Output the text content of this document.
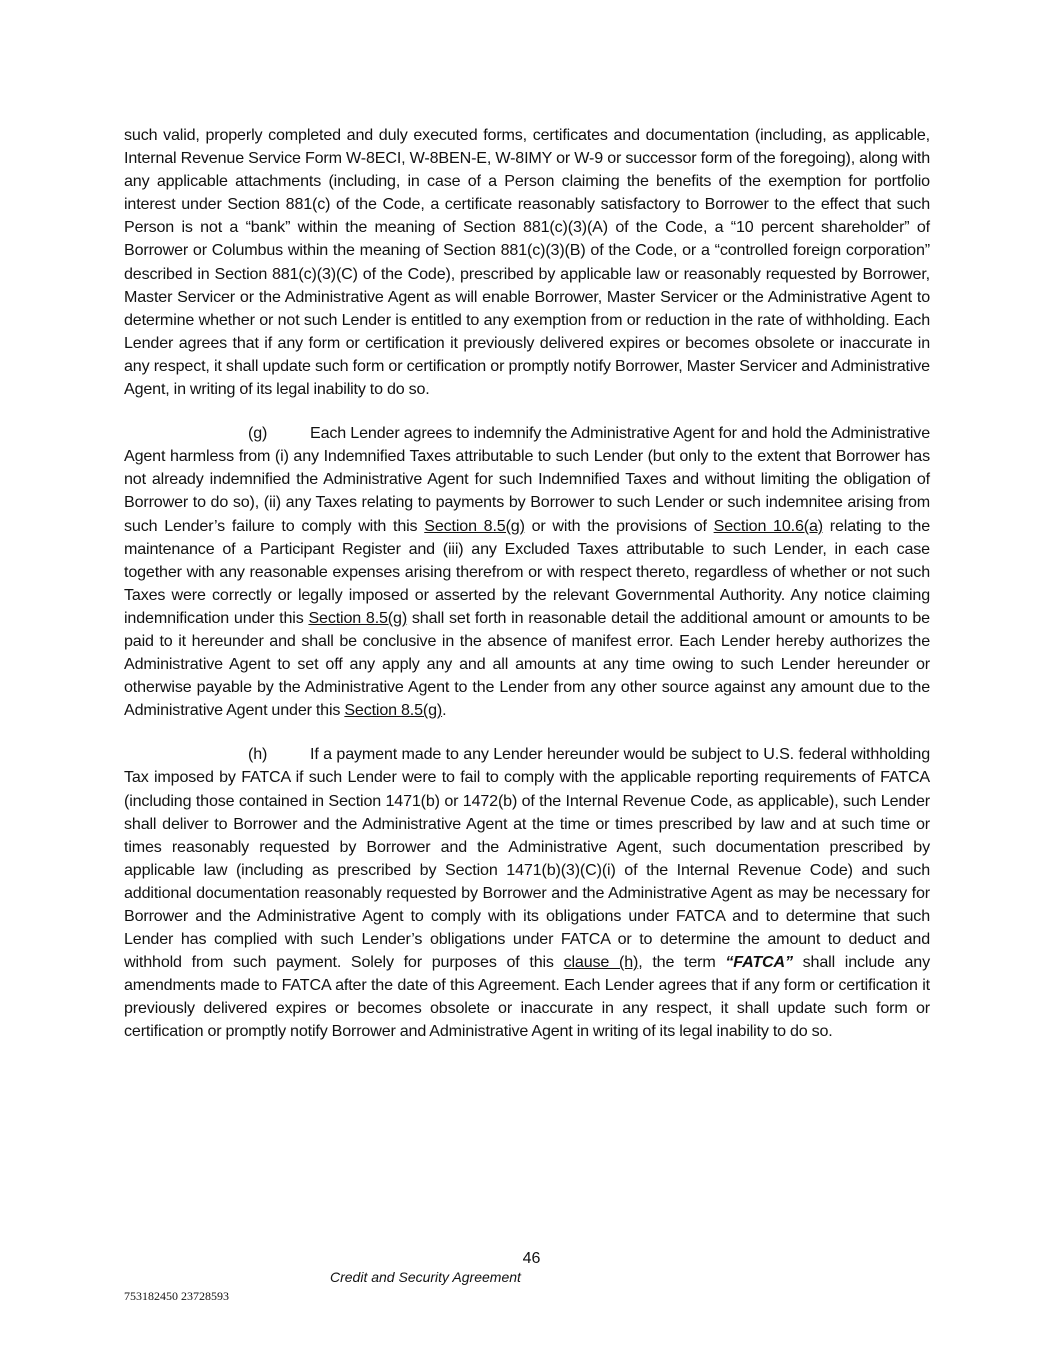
such valid, properly completed and duly executed forms, certificates and documentation (including, as applicable, Internal Revenue Service Form W-8ECI, W-8BEN-E, W-8IMY or W-9 or successor form of the foregoing), along with any applicable attachments (including, in case of a Person claiming the benefits of the exemption for portfolio interest under Section 881(c) of the Code, a certificate reasonably satisfactory to Borrower to the effect that such Person is not a “bank” within the meaning of Section 881(c)(3)(A) of the Code, a “10 percent shareholder” of Borrower or Columbus within the meaning of Section 881(c)(3)(B) of the Code, or a “controlled foreign corporation” described in Section 881(c)(3)(C) of the Code), prescribed by applicable law or reasonably requested by Borrower, Master Servicer or the Administrative Agent as will enable Borrower, Master Servicer or the Administrative Agent to determine whether or not such Lender is entitled to any exemption from or reduction in the rate of withholding. Each Lender agrees that if any form or certification it previously delivered expires or becomes obsolete or inaccurate in any respect, it shall update such form or certification or promptly notify Borrower, Master Servicer and Administrative Agent, in writing of its legal inability to do so.

(g)	Each Lender agrees to indemnify the Administrative Agent for and hold the Administrative Agent harmless from (i) any Indemnified Taxes attributable to such Lender (but only to the extent that Borrower has not already indemnified the Administrative Agent for such Indemnified Taxes and without limiting the obligation of Borrower to do so), (ii) any Taxes relating to payments by Borrower to such Lender or such indemnitee arising from such Lender’s failure to comply with this Section 8.5(g) or with the provisions of Section 10.6(a) relating to the maintenance of a Participant Register and (iii) any Excluded Taxes attributable to such Lender, in each case together with any reasonable expenses arising therefrom or with respect thereto, regardless of whether or not such Taxes were correctly or legally imposed or asserted by the relevant Governmental Authority. Any notice claiming indemnification under this Section 8.5(g) shall set forth in reasonable detail the additional amount or amounts to be paid to it hereunder and shall be conclusive in the absence of manifest error. Each Lender hereby authorizes the Administrative Agent to set off any apply any and all amounts at any time owing to such Lender hereunder or otherwise payable by the Administrative Agent to the Lender from any other source against any amount due to the Administrative Agent under this Section 8.5(g).

(h)	If a payment made to any Lender hereunder would be subject to U.S. federal withholding Tax imposed by FATCA if such Lender were to fail to comply with the applicable reporting requirements of FATCA (including those contained in Section 1471(b) or 1472(b) of the Internal Revenue Code, as applicable), such Lender shall deliver to Borrower and the Administrative Agent at the time or times prescribed by law and at such time or times reasonably requested by Borrower and the Administrative Agent, such documentation prescribed by applicable law (including as prescribed by Section 1471(b)(3)(C)(i) of the Internal Revenue Code) and such additional documentation reasonably requested by Borrower and the Administrative Agent as may be necessary for Borrower and the Administrative Agent to comply with its obligations under FATCA and to determine that such Lender has complied with such Lender’s obligations under FATCA or to determine the amount to deduct and withhold from such payment. Solely for purposes of this clause (h), the term “FATCA” shall include any amendments made to FATCA after the date of this Agreement. Each Lender agrees that if any form or certification it previously delivered expires or becomes obsolete or inaccurate in any respect, it shall update such form or certification or promptly notify Borrower and Administrative Agent in writing of its legal inability to do so.

46
Credit and Security Agreement
753182450 23728593
